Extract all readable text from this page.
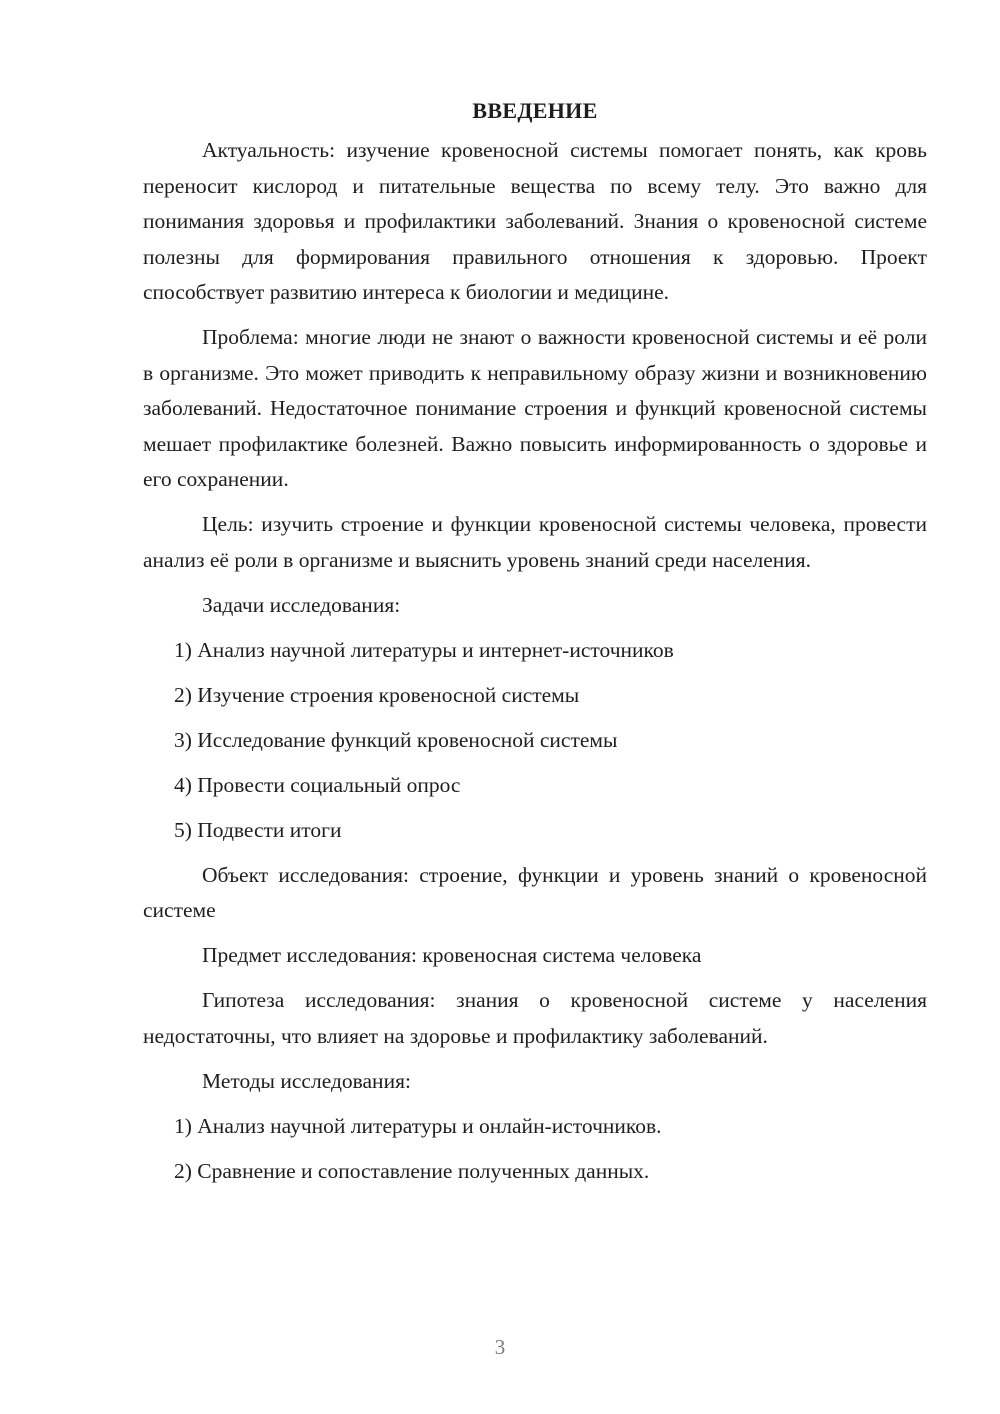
ВВЕДЕНИЕ

Актуальность: изучение кровеносной системы помогает понять, как кровь переносит кислород и питательные вещества по всему телу. Это важно для понимания здоровья и профилактики заболеваний. Знания о кровеносной системе полезны для формирования правильного отношения к здоровью. Проект способствует развитию интереса к биологии и медицине.

Проблема: многие люди не знают о важности кровеносной системы и её роли в организме. Это может приводить к неправильному образу жизни и возникновению заболеваний. Недостаточное понимание строения и функций кровеносной системы мешает профилактике болезней. Важно повысить информированность о здоровье и его сохранении.

Цель: изучить строение и функции кровеносной системы человека, провести анализ её роли в организме и выяснить уровень знаний среди населения.

Задачи исследования:

1) Анализ научной литературы и интернет-источников

2) Изучение строения кровеносной системы

3) Исследование функций кровеносной системы

4) Провести социальный опрос

5) Подвести итоги

Объект исследования: строение, функции и уровень знаний о кровеносной системе

Предмет исследования: кровеносная система человека

Гипотеза исследования: знания о кровеносной системе у населения недостаточны, что влияет на здоровье и профилактику заболеваний.

Методы исследования:

1) Анализ научной литературы и онлайн-источников.

2) Сравнение и сопоставление полученных данных.

3
